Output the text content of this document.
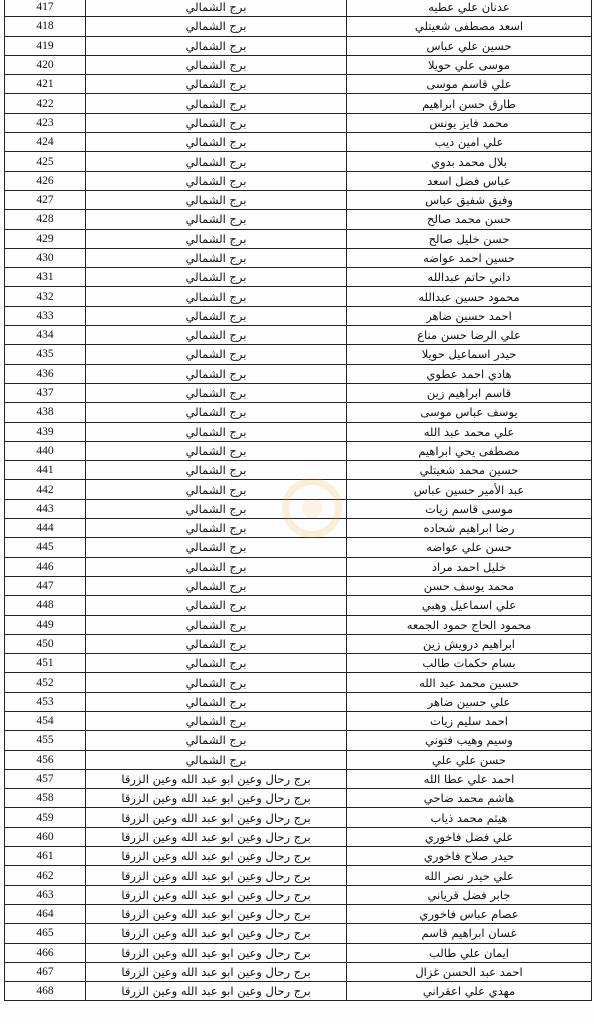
417	برج الشمالي	عدنان علي عطيه
418	برج الشمالي	اسعد مصطفى شعيتلي
419	برج الشمالي	حسين علي عباس
420	برج الشمالي	موسى علي حويلا
421	برج الشمالي	علي قاسم موسى
422	برج الشمالي	طارق حسن ابراهيم
423	برج الشمالي	محمد فايز يونس
424	برج الشمالي	علي امين ديب
425	برج الشمالي	بلال محمد بدوي
426	برج الشمالي	عباس فضل اسعد
427	برج الشمالي	وفيق شفيق عباس
428	برج الشمالي	حسن محمد صالح
429	برج الشمالي	حسن خليل صالح
430	برج الشمالي	حسين احمد عواضه
431	برج الشمالي	داني حاتم عبدالله
432	برج الشمالي	محمود حسين عبدالله
433	برج الشمالي	احمد حسين ضاهر
434	برج الشمالي	علي الرضا حسن مناع
435	برج الشمالي	حيدر اسماعيل حويلا
436	برج الشمالي	هادي احمد عطوي
437	برج الشمالي	قاسم ابراهيم زين
438	برج الشمالي	يوسف عباس موسى
439	برج الشمالي	علي محمد عبد الله
440	برج الشمالي	مصطفى يحي ابراهيم
441	برج الشمالي	حسين محمد شعيتلي
442	برج الشمالي	عبد الأمير حسين عباس
443	برج الشمالي	موسى قاسم زيات
444	برج الشمالي	رضا ابراهيم شحاده
445	برج الشمالي	حسن علي عواضه
446	برج الشمالي	خليل احمد مراد
447	برج الشمالي	محمد يوسف حسن
448	برج الشمالي	علي اسماعيل وهبي
449	برج الشمالي	محمود الحاج حمود الجمعه
450	برج الشمالي	ابراهيم درويش زين
451	برج الشمالي	بسام حكمات طالب
452	برج الشمالي	حسين محمد عبد الله
453	برج الشمالي	علي حسين ضاهر
454	برج الشمالي	احمد سليم زيات
455	برج الشمالي	وسيم وهيب فتوني
456	برج الشمالي	حسن علي علي
457	برج رحال وعين ابو عبد الله وعين الزرقا	احمد علي عطا الله
458	برج رحال وعين ابو عبد الله وعين الزرقا	هاشم محمد ضاحي
459	برج رحال وعين ابو عبد الله وعين الزرقا	هيثم محمد ذياب
460	برج رحال وعين ابو عبد الله وعين الزرقا	علي فضل فاخوري
461	برج رحال وعين ابو عبد الله وعين الزرقا	حيدر صلاح فاخوري
462	برج رحال وعين ابو عبد الله وعين الزرقا	علي حيدر نصر الله
463	برج رحال وعين ابو عبد الله وعين الزرقا	جابر فضل قرياني
464	برج رحال وعين ابو عبد الله وعين الزرقا	عصام عباس فاخوري
465	برج رحال وعين ابو عبد الله وعين الزرقا	غسان ابراهيم قاسم
466	برج رحال وعين ابو عبد الله وعين الزرقا	ايمان علي طالب
467	برج رحال وعين ابو عبد الله وعين الزرقا	احمد عبد الحسن غزال
468	برج رحال وعين ابو عبد الله وعين الزرقا	مهدي علي اعقراني
